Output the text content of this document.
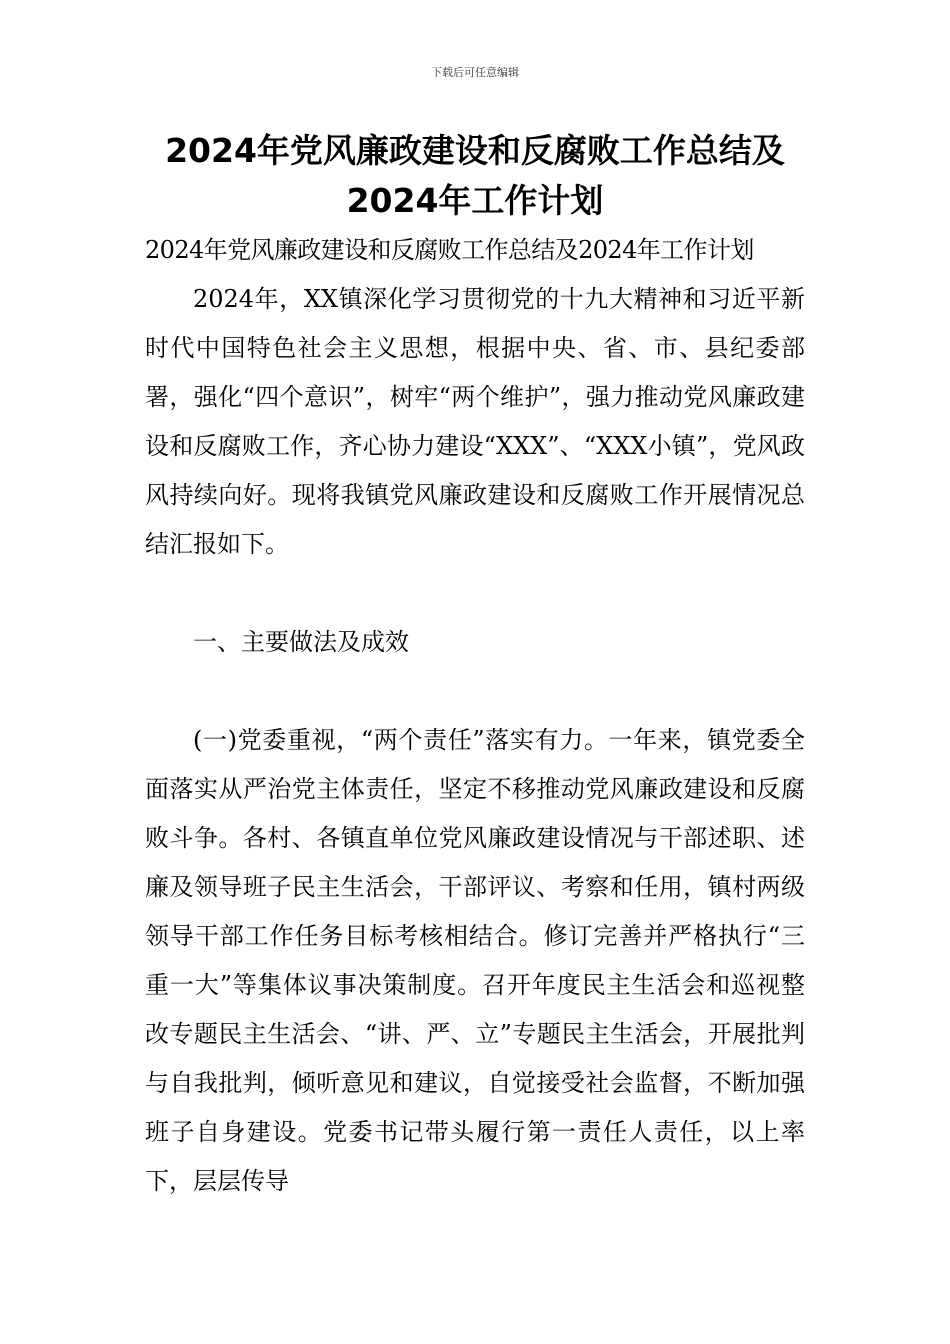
下载后可任意编辑
2024年党风廉政建设和反腐败工作总结及
2024年工作计划

2024年党风廉政建设和反腐败工作总结及2024年工作计划

2024年，XX镇深化学习贯彻党的十九大精神和习近平新时代中国特色社会主义思想，根据中央、省、市、县纪委部署，强化“四个意识”，树牢“两个维护”，强力推动党风廉政建设和反腐败工作，齐心协力建设“XXX”、“XXX小镇”，党风政风持续向好。现将我镇党风廉政建设和反腐败工作开展情况总结汇报如下。

一、主要做法及成效

(一)党委重视，“两个责任”落实有力。一年来，镇党委全面落实从严治党主体责任，坚定不移推动党风廉政建设和反腐败斗争。各村、各镇直单位党风廉政建设情况与干部述职、述廉及领导班子民主生活会，干部评议、考察和任用，镇村两级领导干部工作任务目标考核相结合。修订完善并严格执行“三重一大”等集体议事决策制度。召开年度民主生活会和巡视整改专题民主生活会、“讲、严、立”专题民主生活会，开展批判与自我批判，倾听意见和建议，自觉接受社会监督，不断加强班子自身建设。党委书记带头履行第一责任人责任，以上率下，层层传导
